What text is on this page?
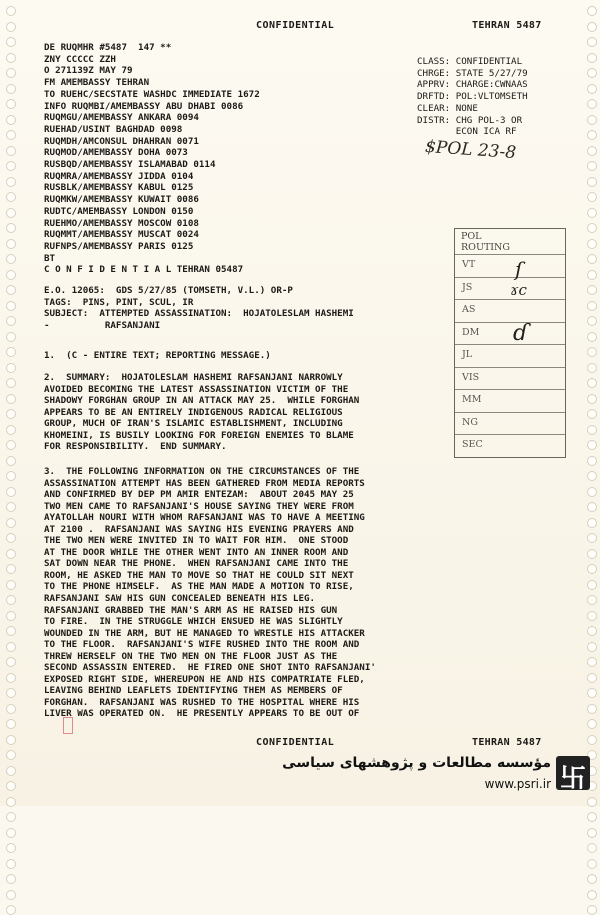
CONFIDENTIAL	TEHRAN 5487
DE RUQMHR #5487  147 **
ZNY CCCCC ZZH
O 271139Z MAY 79
FM AMEMBASSY TEHRAN
TO RUEHC/SECSTATE WASHDC IMMEDIATE 1672
INFO RUQMBI/AMEMBASSY ABU DHABI 0086
RUQMGU/AMEMBASSY ANKARA 0094
RUEHAD/USINT BAGHDAD 0098
RUQMDH/AMCONSUL DHAHRAN 0071
RUQMOD/AMEMBASSY DOHA 0073
RUSBQD/AMEMBASSY ISLAMABAD 0114
RUQMRA/AMEMBASSY JIDDA 0104
RUSBLK/AMEMBASSY KABUL 0125
RUQMKW/AMEMBASSY KUWAIT 0086
RUDTC/AMEMBASSY LONDON 0150
RUEHMO/AMEMBASSY MOSCOW 0108
RUQMMT/AMEMBASSY MUSCAT 0024
RUFNPS/AMEMBASSY PARIS 0125
BT
C O N F I D E N T I A L TEHRAN 05487
CLASS: CONFIDENTIAL
CHRGE: STATE 5/27/79
APPRV: CHARGE:CWNAAS
DRFTD: POL:VLTOMSETH
CLEAR: NONE
DISTR: CHG POL-3 OR
ECON ICA RF
$POL 23-8
POL
ROUTING
VT
JS
AS
DM
JL
VIS
MM
NG
SEC
ſ
ɤc
ɗ
E.O. 12065:  GDS 5/27/85 (TOMSETH, V.L.) OR-P
TAGS:  PINS, PINT, SCUL, IR
SUBJECT:  ATTEMPTED ASSASSINATION:  HOJATOLESLAM HASHEMI
-          RAFSANJANI
1.  (C - ENTIRE TEXT; REPORTING MESSAGE.)
2.  SUMMARY:  HOJATOLESLAM HASHEMI RAFSANJANI NARROWLY
AVOIDED BECOMING THE LATEST ASSASSINATION VICTIM OF THE
SHADOWY FORGHAN GROUP IN AN ATTACK MAY 25.  WHILE FORGHAN
APPEARS TO BE AN ENTIRELY INDIGENOUS RADICAL RELIGIOUS
GROUP, MUCH OF IRAN'S ISLAMIC ESTABLISHMENT, INCLUDING
KHOMEINI, IS BUSILY LOOKING FOR FOREIGN ENEMIES TO BLAME
FOR RESPONSIBILITY.  END SUMMARY.
3.  THE FOLLOWING INFORMATION ON THE CIRCUMSTANCES OF THE
ASSASSINATION ATTEMPT HAS BEEN GATHERED FROM MEDIA REPORTS
AND CONFIRMED BY DEP PM AMIR ENTEZAM:  ABOUT 2045 MAY 25
TWO MEN CAME TO RAFSANJANI'S HOUSE SAYING THEY WERE FROM
AYATOLLAH NOURI WITH WHOM RAFSANJANI WAS TO HAVE A MEETING
AT 2100 .  RAFSANJANI WAS SAYING HIS EVENING PRAYERS AND
THE TWO MEN WERE INVITED IN TO WAIT FOR HIM.  ONE STOOD
AT THE DOOR WHILE THE OTHER WENT INTO AN INNER ROOM AND
SAT DOWN NEAR THE PHONE.  WHEN RAFSANJANI CAME INTO THE
ROOM, HE ASKED THE MAN TO MOVE SO THAT HE COULD SIT NEXT
TO THE PHONE HIMSELF.  AS THE MAN MADE A MOTION TO RISE,
RAFSANJANI SAW HIS GUN CONCEALED BENEATH HIS LEG.
RAFSANJANI GRABBED THE MAN'S ARM AS HE RAISED HIS GUN
TO FIRE.  IN THE STRUGGLE WHICH ENSUED HE WAS SLIGHTLY
WOUNDED IN THE ARM, BUT HE MANAGED TO WRESTLE HIS ATTACKER
TO THE FLOOR.  RAFSANJANI'S WIFE RUSHED INTO THE ROOM AND
THREW HERSELF ON THE TWO MEN ON THE FLOOR JUST AS THE
SECOND ASSASSIN ENTERED.  HE FIRED ONE SHOT INTO RAFSANJANI'
EXPOSED RIGHT SIDE, WHEREUPON HE AND HIS COMPATRIATE FLED,
LEAVING BEHIND LEAFLETS IDENTIFYING THEM AS MEMBERS OF
FORGHAN.  RAFSANJANI WAS RUSHED TO THE HOSPITAL WHERE HIS
LIVER WAS OPERATED ON.  HE PRESENTLY APPEARS TO BE OUT OF
CONFIDENTIAL	TEHRAN 5487
مؤسسه مطالعات و پژوهشهای سیاسی
www.psri.ir 卐
